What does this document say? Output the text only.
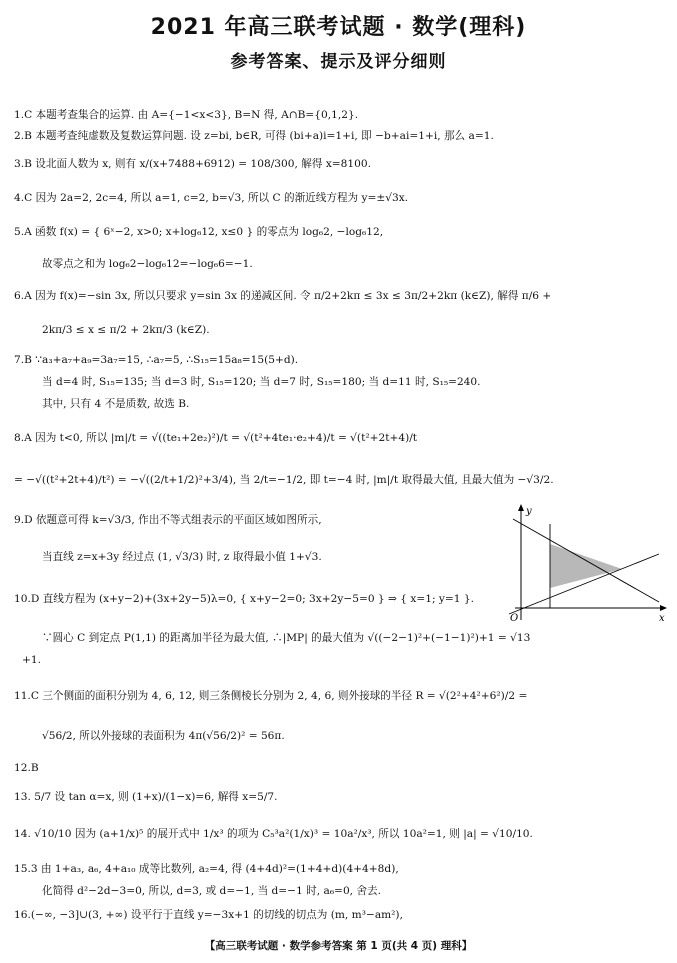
2021 年高三联考试题 · 数学(理科)
参考答案、提示及评分细则
1.C 本题考查集合的运算. 由 A={−1<x<3}, B=N 得, A∩B={0,1,2}.
2.B 本题考查纯虚数及复数运算问题. 设 z=bi, b∈R, 可得 (bi+a)i=1+i, 即 −b+ai=1+i, 那么 a=1.
3.B 设北面人数为 x, 则有 x/(x+7488+6912) = 108/300, 解得 x=8100.
4.C 因为 2a=2, 2c=4, 所以 a=1, c=2, b=√3, 所以 C 的渐近线方程为 y=±√3x.
5.A 函数 f(x) = { 6ˣ−2, x>0; x+log₆12, x≤0 } 的零点为 log₆2, −log₆12,
故零点之和为 log₆2−log₆12=−log₆6=−1.
6.A 因为 f(x)=−sin 3x, 所以只要求 y=sin 3x 的递减区间. 令 π/2+2kπ ≤ 3x ≤ 3π/2+2kπ (k∈Z), 解得 π/6 +
2kπ/3 ≤ x ≤ π/2 + 2kπ/3 (k∈Z).
7.B ∵a₃+a₇+a₉=3a₇=15, ∴a₇=5, ∴S₁₅=15a₈=15(5+d).
当 d=4 时, S₁₅=135; 当 d=3 时, S₁₅=120; 当 d=7 时, S₁₅=180; 当 d=11 时, S₁₅=240.
其中, 只有 4 不是质数, 故选 B.
8.A 因为 t<0, 所以 |m|/t = √((te₁+2e₂)²)/t = √(t²+4te₁·e₂+4)/t = √(t²+2t+4)/t
= −√((t²+2t+4)/t²) = −√((2/t+1/2)²+3/4), 当 2/t=−1/2, 即 t=−4 时, |m|/t 取得最大值, 且最大值为 −√3/2.
9.D 依题意可得 k=√3/3, 作出不等式组表示的平面区域如图所示,
当直线 z=x+3y 经过点 (1, √3/3) 时, z 取得最小值 1+√3.
10.D 直线方程为 (x+y−2)+(3x+2y−5)λ=0, { x+y−2=0; 3x+2y−5=0 } ⇒ { x=1; y=1 }.
∵圆心 C 到定点 P(1,1) 的距离加半径为最大值, ∴|MP| 的最大值为 √((−2−1)²+(−1−1)²)+1 = √13
+1.
11.C 三个侧面的面积分别为 4, 6, 12, 则三条侧棱长分别为 2, 4, 6, 则外接球的半径 R = √(2²+4²+6²)/2 =
√56/2, 所以外接球的表面积为 4π(√56/2)² = 56π.
12.B
13. 5/7 设 tan α=x, 则 (1+x)/(1−x)=6, 解得 x=5/7.
14. √10/10 因为 (a+1/x)⁵ 的展开式中 1/x³ 的项为 C₅³a²(1/x)³ = 10a²/x³, 所以 10a²=1, 则 |a| = √10/10.
15.3 由 1+a₃, a₆, 4+a₁₀ 成等比数列, a₂=4, 得 (4+4d)²=(1+4+d)(4+4+8d),
化简得 d²−2d−3=0, 所以, d=3, 或 d=−1, 当 d=−1 时, a₆=0, 舍去.
16.(−∞, −3]∪(3, +∞) 设平行于直线 y=−3x+1 的切线的切点为 (m, m³−am²),
y
x
O
【高三联考试题 · 数学参考答案 第 1 页(共 4 页) 理科】
